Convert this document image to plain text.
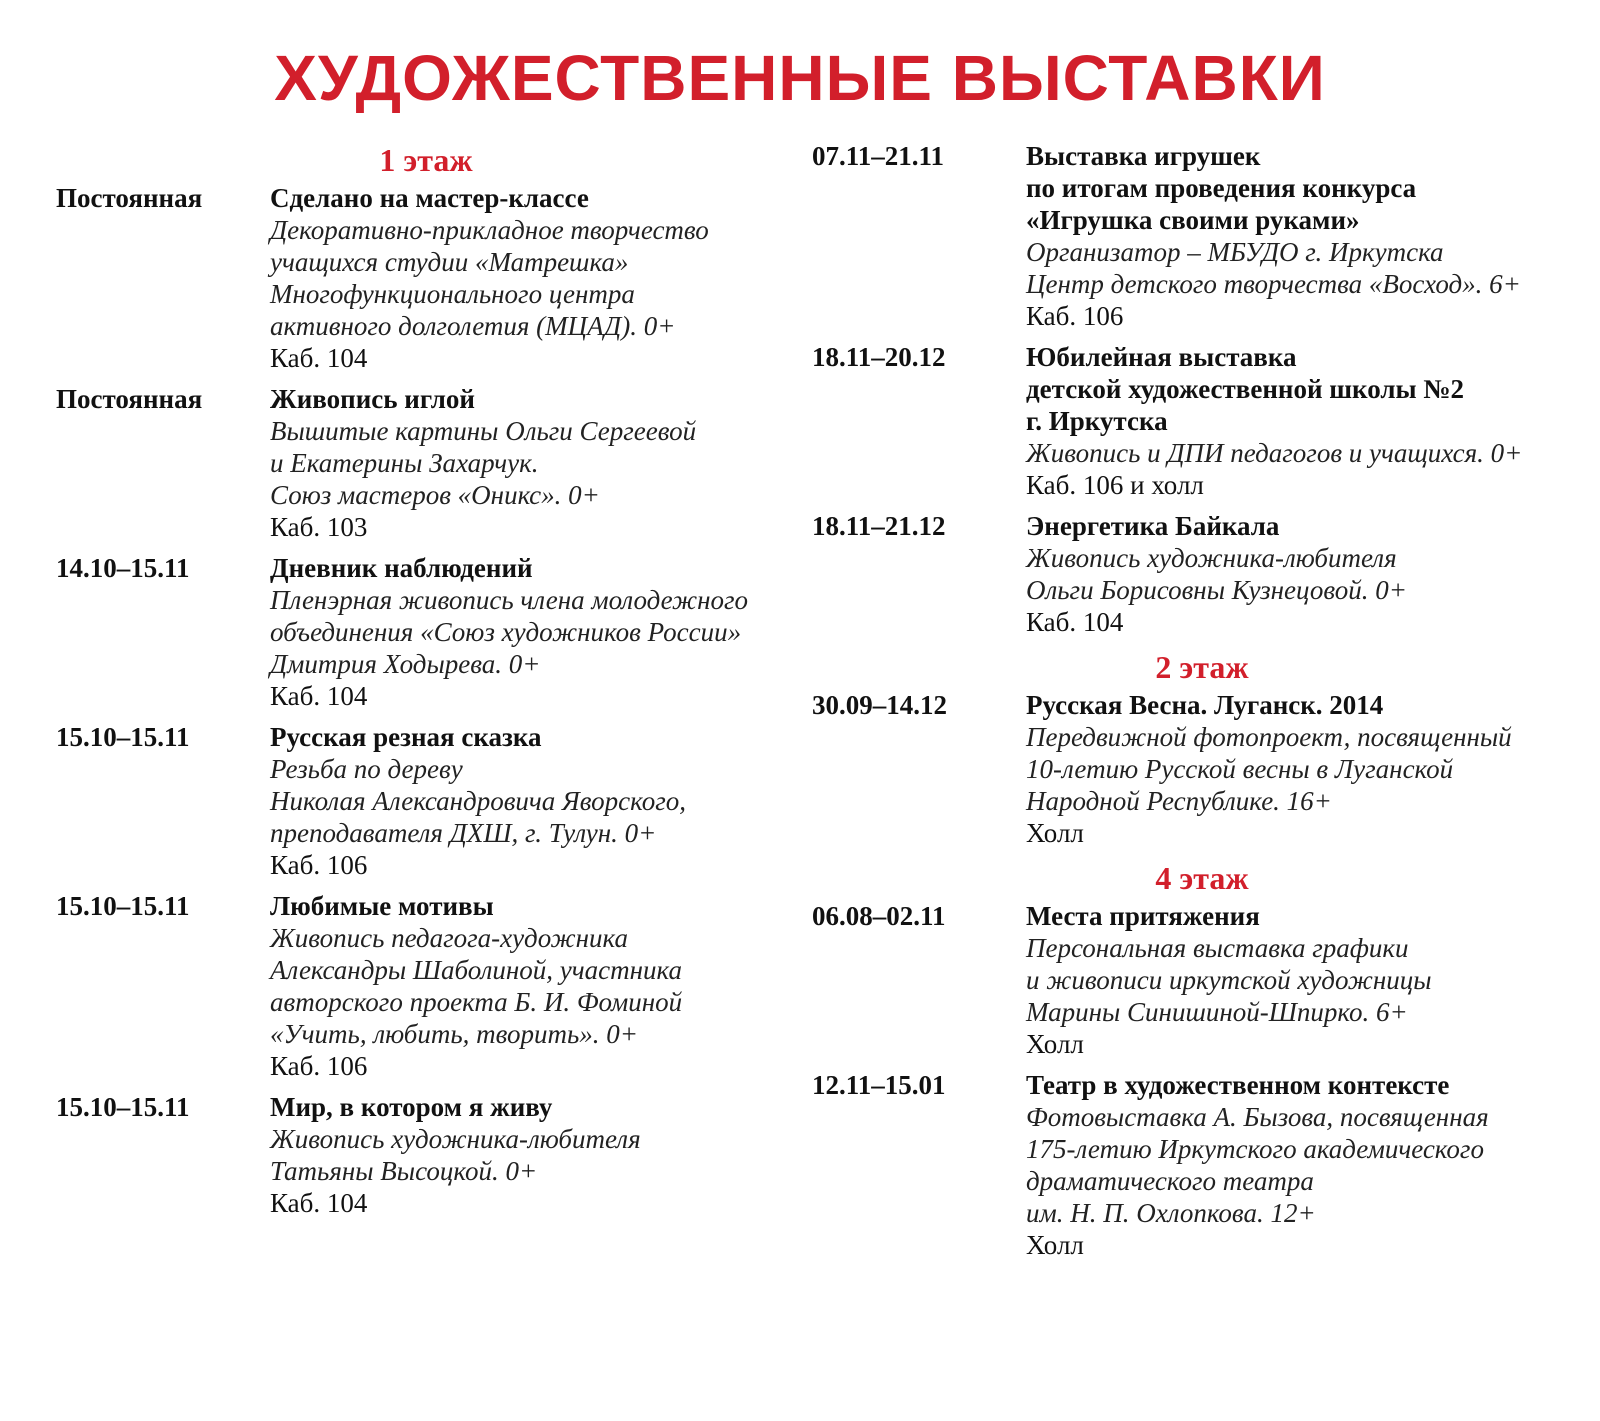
ХУДОЖЕСТВЕННЫЕ ВЫСТАВКИ
1 этаж
Постоянная	Сделано на мастер-классе
Декоративно-прикладное творчество
учащихся студии «Матрешка»
Многофункционального центра
активного долголетия (МЦАД). 0+
Каб. 104
Постоянная	Живопись иглой
Вышитые картины Ольги Сергеевой
и Екатерины Захарчук.
Союз мастеров «Оникс». 0+
Каб. 103
14.10–15.11	Дневник наблюдений
Пленэрная живопись члена молодежного
объединения «Союз художников России»
Дмитрия Ходырева. 0+
Каб. 104
15.10–15.11	Русская резная сказка
Резьба по дереву
Николая Александровича Яворского,
преподавателя ДХШ, г. Тулун. 0+
Каб. 106
15.10–15.11	Любимые мотивы
Живопись педагога-художника
Александры Шаболиной, участника
авторского проекта Б. И. Фоминой
«Учить, любить, творить». 0+
Каб. 106
15.10–15.11	Мир, в котором я живу
Живопись художника-любителя
Татьяны Высоцкой. 0+
Каб. 104
07.11–21.11	Выставка игрушек
по итогам проведения конкурса
«Игрушка своими руками»
Организатор – МБУДО г. Иркутска
Центр детского творчества «Восход». 6+
Каб. 106
18.11–20.12	Юбилейная выставка
детской художественной школы №2
г. Иркутска
Живопись и ДПИ педагогов и учащихся. 0+
Каб. 106 и холл
18.11–21.12	Энергетика Байкала
Живопись художника-любителя
Ольги Борисовны Кузнецовой. 0+
Каб. 104
2 этаж
30.09–14.12	Русская Весна. Луганск. 2014
Передвижной фотопроект, посвященный
10-летию Русской весны в Луганской
Народной Республике. 16+
Холл
4 этаж
06.08–02.11	Места притяжения
Персональная выставка графики
и живописи иркутской художницы
Марины Синишиной-Шпирко. 6+
Холл
12.11–15.01	Театр в художественном контексте
Фотовыставка А. Бызова, посвященная
175-летию Иркутского академического
драматического театра
им. Н. П. Охлопкова. 12+
Холл
